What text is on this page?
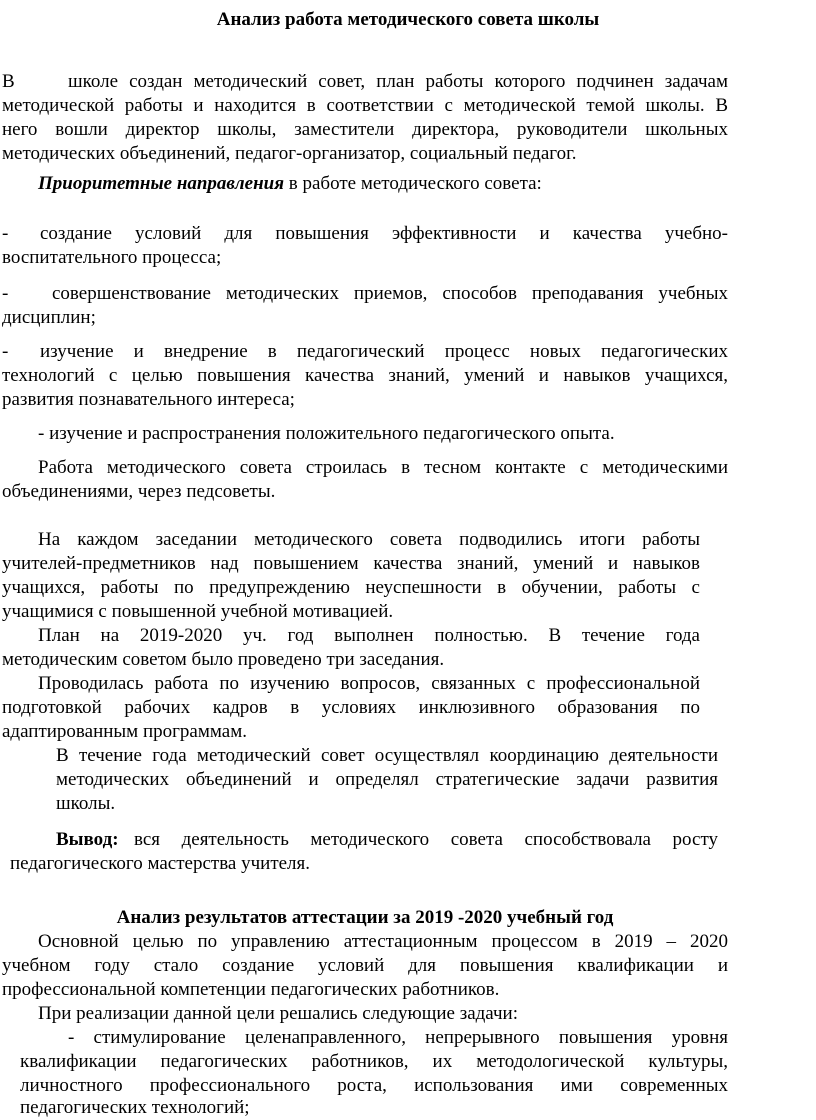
Анализ работа методического совета школы
В	школе создан методический совет, план работы которого подчинен задачам
методической работы и находится в соответствии с методической темой школы. В
него вошли директор школы, заместители директора, руководители школьных
методических объединений, педагог-организатор, социальный педагог.
Приоритетные направления в работе методического совета:
- создание условий для повышения эффективности и качества учебно-
воспитательного процесса;
- совершенствование методических приемов, способов преподавания учебных
дисциплин;
- изучение и внедрение в педагогический процесс новых педагогических
технологий с целью повышения качества знаний, умений и навыков учащихся,
развития познавательного интереса;
- изучение и распространения положительного педагогического опыта.
Работа методического совета строилась в тесном контакте с методическими
объединениями, через педсоветы.
На каждом заседании методического совета подводились итоги работы
учителей-предметников над повышением качества знаний, умений и навыков
учащихся, работы по предупреждению неуспешности в обучении, работы с
учащимися с повышенной учебной мотивацией.
План на 2019-2020 уч. год выполнен полностью. В течение года
методическим советом было проведено три заседания.
Проводилась работа по изучению вопросов, связанных с профессиональной
подготовкой рабочих кадров в условиях инклюзивного образования по
адаптированным программам.
В течение года методический совет осуществлял координацию деятельности
методических объединений и определял стратегические задачи развития
школы.
Вывод: вся деятельность методического совета способствовала росту
педагогического мастерства учителя.
Анализ результатов аттестации за 2019 -2020 учебный год
Основной целью по управлению аттестационным процессом в 2019 – 2020
учебном году стало создание условий для повышения квалификации и
профессиональной компетенции педагогических работников.
При реализации данной цели решались следующие задачи:
- стимулирование целенаправленного, непрерывного повышения уровня
квалификации педагогических работников, их методологической культуры,
личностного профессионального роста, использования ими современных
педагогических технологий;
